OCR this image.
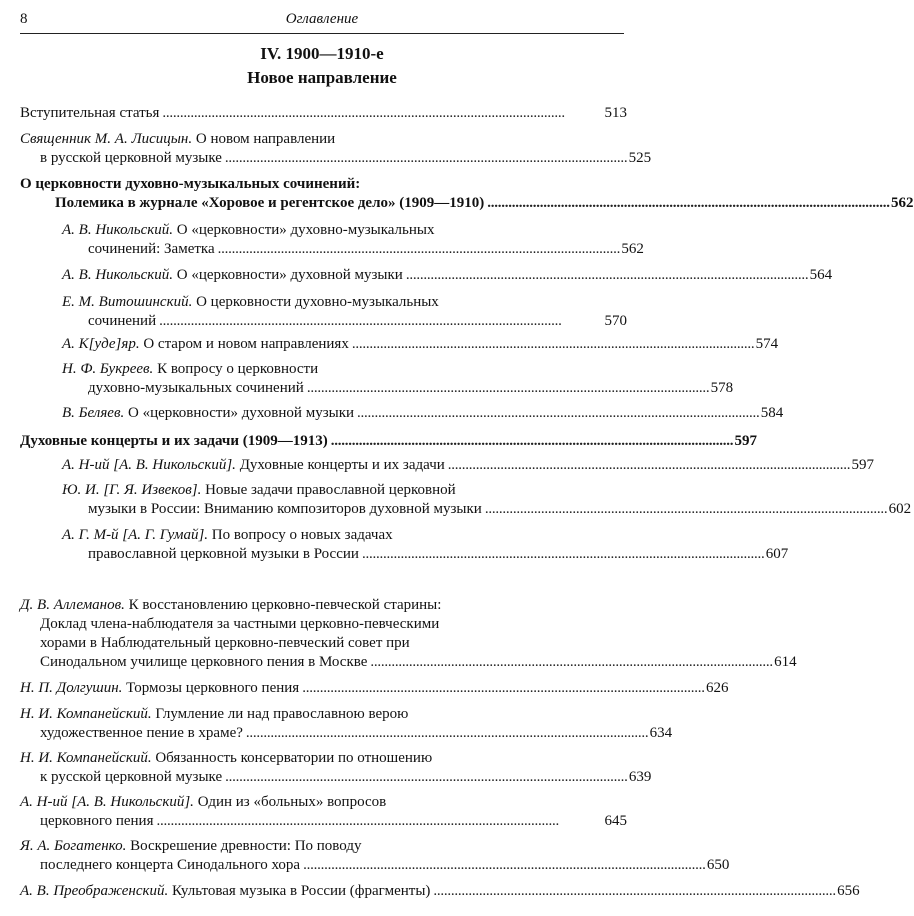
8	Оглавление
IV. 1900—1910-е
Новое направление
Вступительная статья . . .	513
Священник М. А. Лисицын. О новом направлении
в русской церковной музыке . . .	525
О церковности духовно-музыкальных сочинений:
Полемика в журнале «Хоровое и регентское дело» (1909—1910) . . .	562
А. В. Никольский. О «церковности» духовно-музыкальных
сочинений: Заметка . . .	562
А. В. Никольский. О «церковности» духовной музыки . . .	564
Е. М. Витошинский. О церковности духовно-музыкальных
сочинений . . .	570
А. К[уде]яр. О старом и новом направлениях . . .	574
Н. Ф. Букреев. К вопросу о церковности
духовно-музыкальных сочинений . . .	578
В. Беляев. О «церковности» духовной музыки . . .	584
Духовные концерты и их задачи (1909—1913) . . .	597
А. Н-ий [А. В. Никольский]. Духовные концерты и их задачи . . .	597
Ю. И. [Г. Я. Извеков]. Новые задачи православной церковной
музыки в России: Вниманию композиторов духовной музыки . . .	602
А. Г. М-й [А. Г. Гумай]. По вопросу о новых задачах
православной церковной музыки в России . . .	607
Д. В. Аллеманов. К восстановлению церковно-певческой старины:
Доклад члена-наблюдателя за частными церковно-певческими
хорами в Наблюдательный церковно-певческий совет при
Синодальном училище церковного пения в Москве . . .	614
Н. П. Долгушин. Тормозы церковного пения . . .	626
Н. И. Компанейский. Глумление ли над православною верою
художественное пение в храме? . . .	634
Н. И. Компанейский. Обязанность консерватории по отношению
к русской церковной музыке . . .	639
А. Н-ий [А. В. Никольский]. Один из «больных» вопросов
церковного пения . . .	645
Я. А. Богатенко. Воскрешение древности: По поводу
последнего концерта Синодального хора . . .	650
А. В. Преображенский. Культовая музыка в России (фрагменты) . . .	656
